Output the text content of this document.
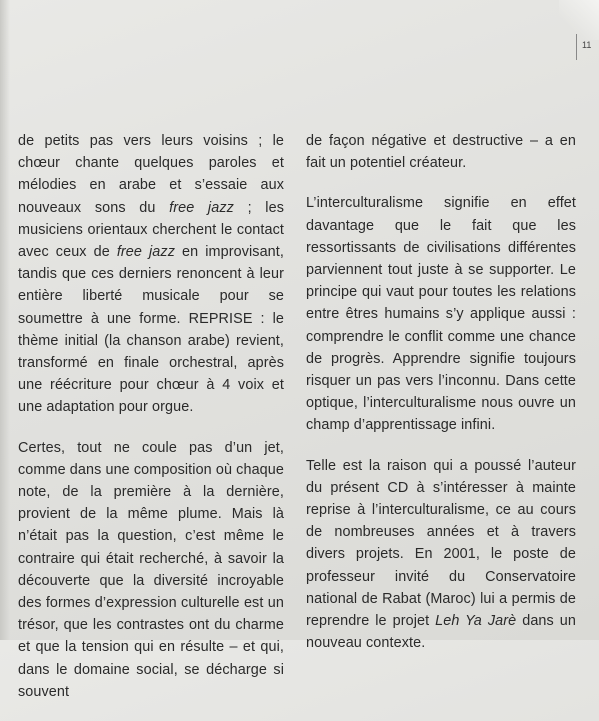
11

de petits pas vers leurs voisins ; le chœur chante quelques paroles et mélodies en arabe et s’essaie aux nouveaux sons du free jazz ; les musiciens orientaux cherchent le contact avec ceux de free jazz en improvisant, tandis que ces derniers renoncent à leur entière liberté musicale pour se soumettre à une forme. REPRISE : le thème initial (la chanson arabe) revient, transformé en finale orchestral, après une réécriture pour chœur à 4 voix et une adaptation pour orgue.

Certes, tout ne coule pas d’un jet, comme dans une composition où chaque note, de la première à la dernière, provient de la même plume. Mais là n’était pas la question, c’est même le contraire qui était recherché, à savoir la découverte que la diversité incroyable des formes d’expression culturelle est un trésor, que les contrastes ont du charme et que la tension qui en résulte – et qui, dans le domaine social, se décharge si souvent

de façon négative et destructive – a en fait un potentiel créateur.

L’interculturalisme signifie en effet davantage que le fait que les ressortissants de civilisations différentes parviennent tout juste à se supporter. Le principe qui vaut pour toutes les relations entre êtres humains s’y applique aussi : comprendre le conflit comme une chance de progrès. Apprendre signifie toujours risquer un pas vers l’inconnu. Dans cette optique, l’interculturalisme nous ouvre un champ d’apprentissage infini.

Telle est la raison qui a poussé l’auteur du présent CD à s’intéresser à mainte reprise à l’interculturalisme, ce au cours de nombreuses années et à travers divers projets. En 2001, le poste de professeur invité du Conservatoire national de Rabat (Maroc) lui a permis de reprendre le projet Leh Ya Jarè dans un nouveau contexte.
